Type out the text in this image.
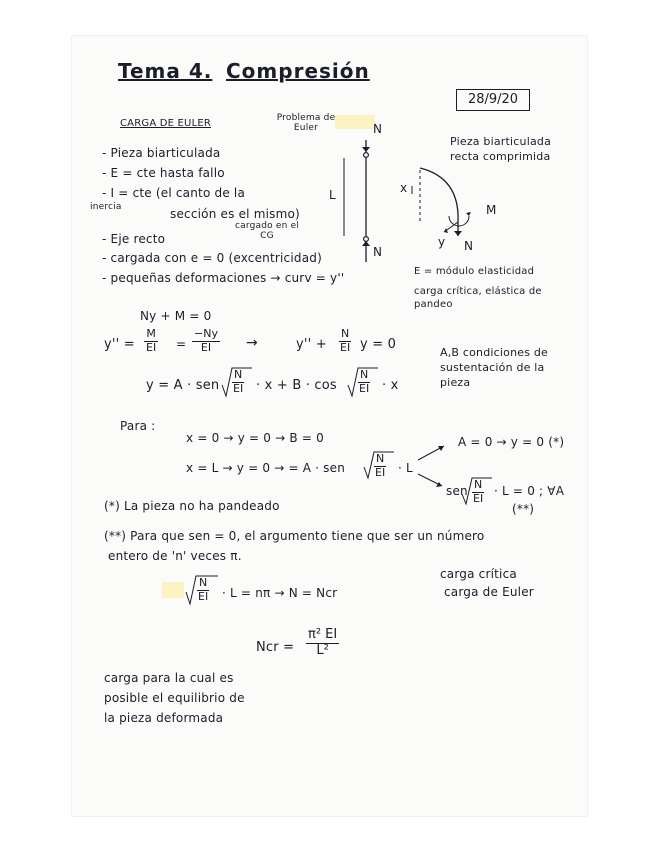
Tema 4. Compresión
28/9/20
CARGA DE EULER	Problema de Euler
- Pieza biarticulada
- E = cte hasta fallo
- I = cte (el canto de la
inercia	sección es el mismo)
- Eje recto
cargado en el CG
- cargada con e = 0 (excentricidad)
- pequeñas deformaciones → curv = y''
N
N
L	x
y
M
N
Pieza biarticulada recta comprimida
E = módulo elasticidad
carga crítica, elástica de pandeo
Ny + M = 0
$y'' = \frac{M}{EI} = \frac{-Ny}{EI}$ →	$y'' + \frac{N}{EI}$ y = 0
A,B condiciones de sustentación de la pieza
y = A · sen $\frac{N}{EI} \cdot x + B \cdot \cos \frac{N}{EI} \cdot x$
Para :
x = 0 → y = 0 → B = 0
x = L → y = 0 → = A · sen	$\frac{N}{EI} \cdot L$
A = 0 → y = 0 (*)
sen $\frac{N}{EI} \cdot L = 0$ ; ∀A
(**)
(*) La pieza no ha pandeado
(**) Para que sen = 0, el argumento tiene que ser un número
entero de 'n' veces π.
$\frac{N}{EI} \cdot L = n\pi \to N$ = Ncr
carga crítica
carga de Euler
Ncr = $\frac{\text{π² EI}}{\text{L²}}$
carga para la cual es
posible el equilibrio de
la pieza deformada
